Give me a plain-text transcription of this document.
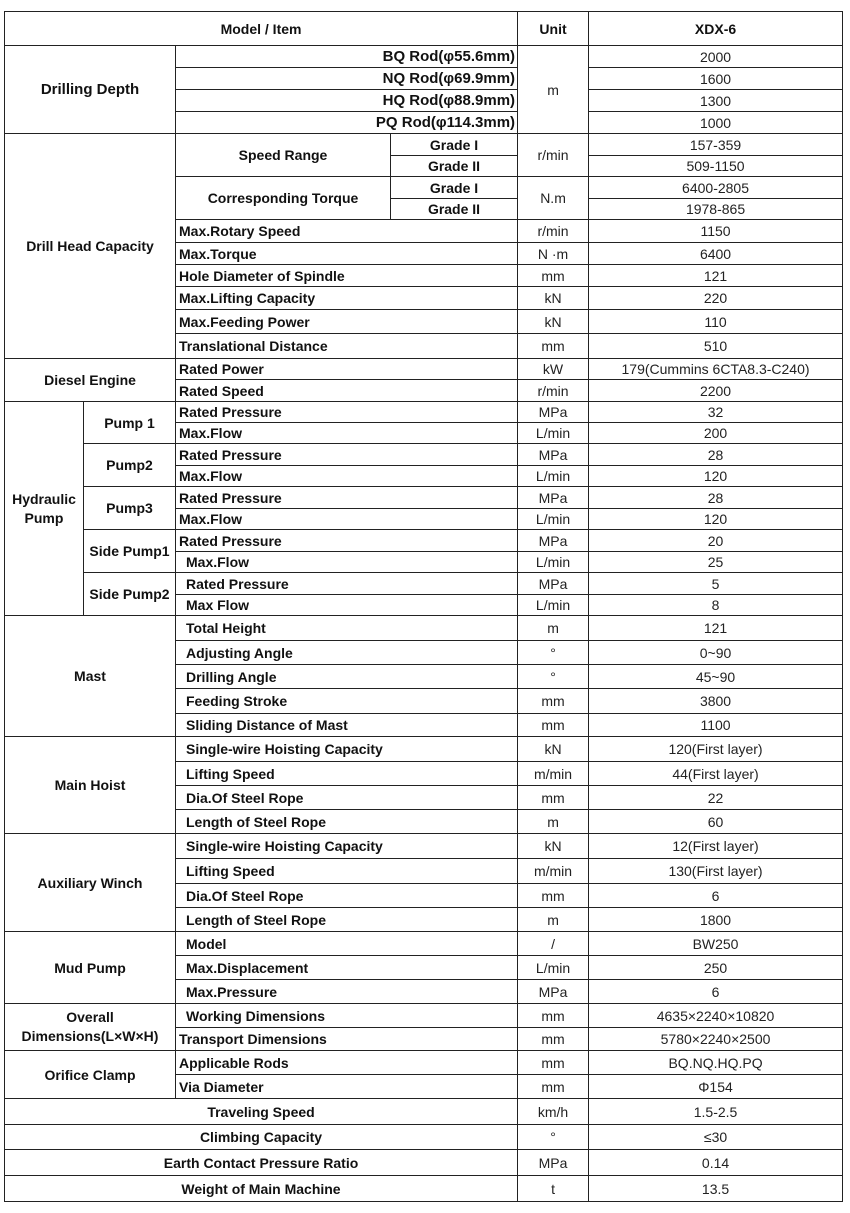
Model / Item				Unit	XDX-6
Drilling Depth		BQ Rod(φ55.6mm)		m	2000
		NQ Rod(φ69.9mm)			1600
		HQ Rod(φ88.9mm)			1300
		PQ Rod(φ114.3mm)			1000
Drill Head Capacity		Speed Range	Grade I	r/min	157-359
			Grade II		509-1150
		Corresponding Torque	Grade I	N.m	6400-2805
			Grade II		1978-865
		Max.Rotary Speed		r/min	1150
		Max.Torque		N ·m	6400
		Hole Diameter of Spindle		mm	121
		Max.Lifting Capacity		kN	220
		Max.Feeding Power		kN	110
		Translational Distance		mm	510
Diesel Engine		Rated Power		kW	179(Cummins 6CTA8.3-C240)
		Rated Speed		r/min	2200
Hydraulic Pump	Pump 1	Rated Pressure		MPa	32
		Max.Flow		L/min	200
	Pump2	Rated Pressure		MPa	28
		Max.Flow		L/min	120
	Pump3	Rated Pressure		MPa	28
		Max.Flow		L/min	120
	Side Pump1	Rated Pressure		MPa	20
		Max.Flow		L/min	25
	Side Pump2	Rated Pressure		MPa	5
		Max Flow		L/min	8
Mast		Total Height		m	121
		Adjusting Angle		°	0~90
		Drilling Angle		°	45~90
		Feeding Stroke		mm	3800
		Sliding Distance of Mast		mm	1100
Main Hoist		Single-wire Hoisting Capacity		kN	120(First layer)
		Lifting Speed		m/min	44(First layer)
		Dia.Of Steel Rope		mm	22
		Length of Steel Rope		m	60
Auxiliary Winch		Single-wire Hoisting Capacity		kN	12(First layer)
		Lifting Speed		m/min	130(First layer)
		Dia.Of Steel Rope		mm	6
		Length of Steel Rope		m	1800
Mud Pump		Model		/	BW250
		Max.Displacement		L/min	250
		Max.Pressure		MPa	6

Overall
Dimensions(L×W×H)		Working Dimensions		mm	4635×2240×10820
		Transport Dimensions		mm	5780×2240×2500
Orifice Clamp		Applicable Rods		mm	BQ.NQ.HQ.PQ
		Via Diameter		mm	Φ154
Traveling Speed				km/h	1.5-2.5
Climbing Capacity				°	≤30
Earth Contact Pressure Ratio				MPa	0.14
Weight of Main Machine				t	13.5
